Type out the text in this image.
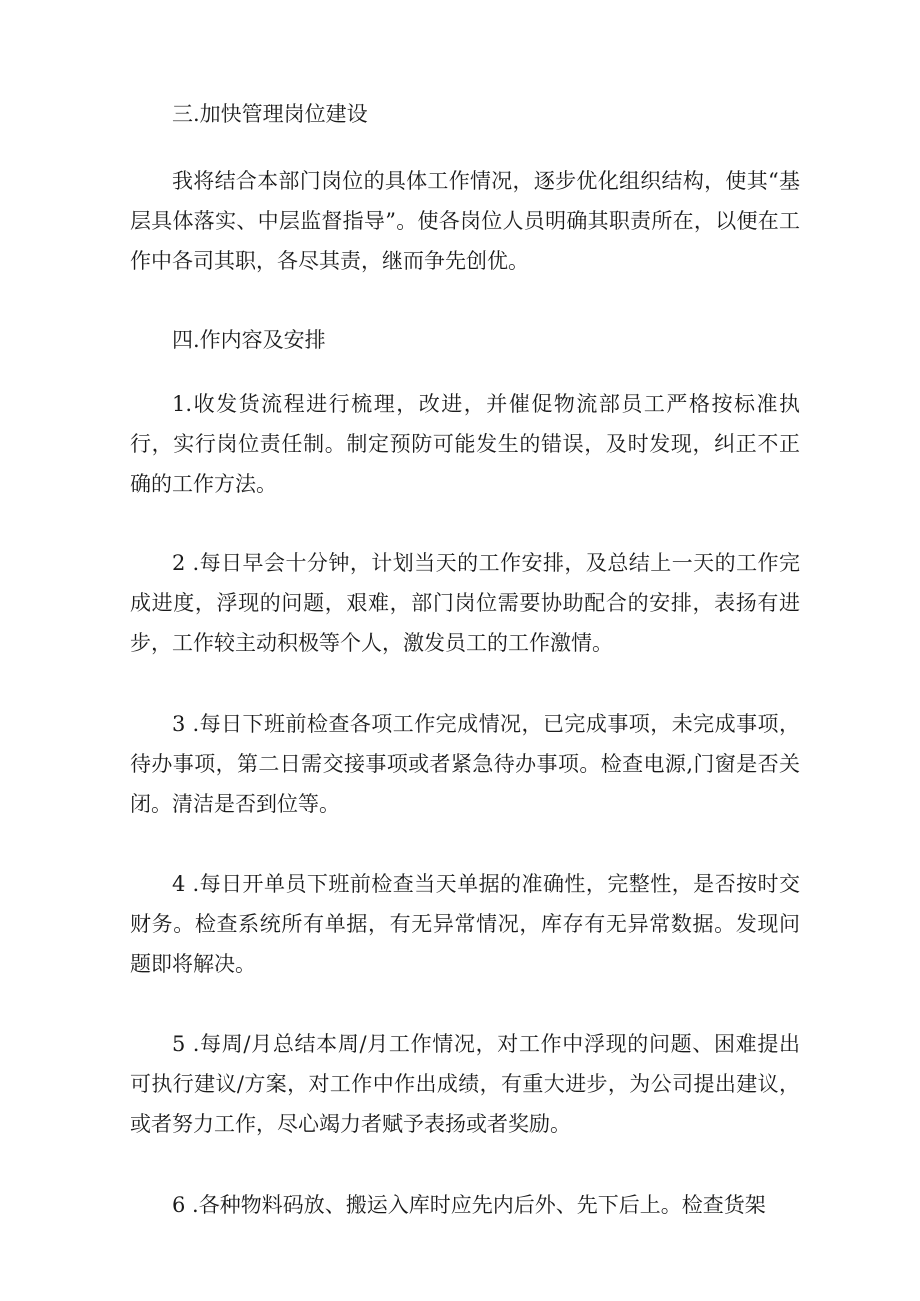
三.加快管理岗位建设

我将结合本部门岗位的具体工作情况，逐步优化组织结构，使其“基层具体落实、中层监督指导”。使各岗位人员明确其职责所在，以便在工作中各司其职，各尽其责，继而争先创优。

四.作内容及安排

1.收发货流程进行梳理，改进，并催促物流部员工严格按标准执行，实行岗位责任制。制定预防可能发生的错误，及时发现，纠正不正确的工作方法。

2 .每日早会十分钟，计划当天的工作安排，及总结上一天的工作完成进度，浮现的问题，艰难，部门岗位需要协助配合的安排，表扬有进步，工作较主动积极等个人，激发员工的工作激情。

3 .每日下班前检查各项工作完成情况，已完成事项，未完成事项，待办事项，第二日需交接事项或者紧急待办事项。检查电源,门窗是否关闭。清洁是否到位等。

4 .每日开单员下班前检查当天单据的准确性，完整性，是否按时交财务。检查系统所有单据，有无异常情况，库存有无异常数据。发现问题即将解决。

5 .每周/月总结本周/月工作情况，对工作中浮现的问题、困难提出可执行建议/方案，对工作中作出成绩，有重大进步，为公司提出建议，或者努力工作，尽心竭力者赋予表扬或者奖励。

6 .各种物料码放、搬运入库时应先内后外、先下后上。检查货架
